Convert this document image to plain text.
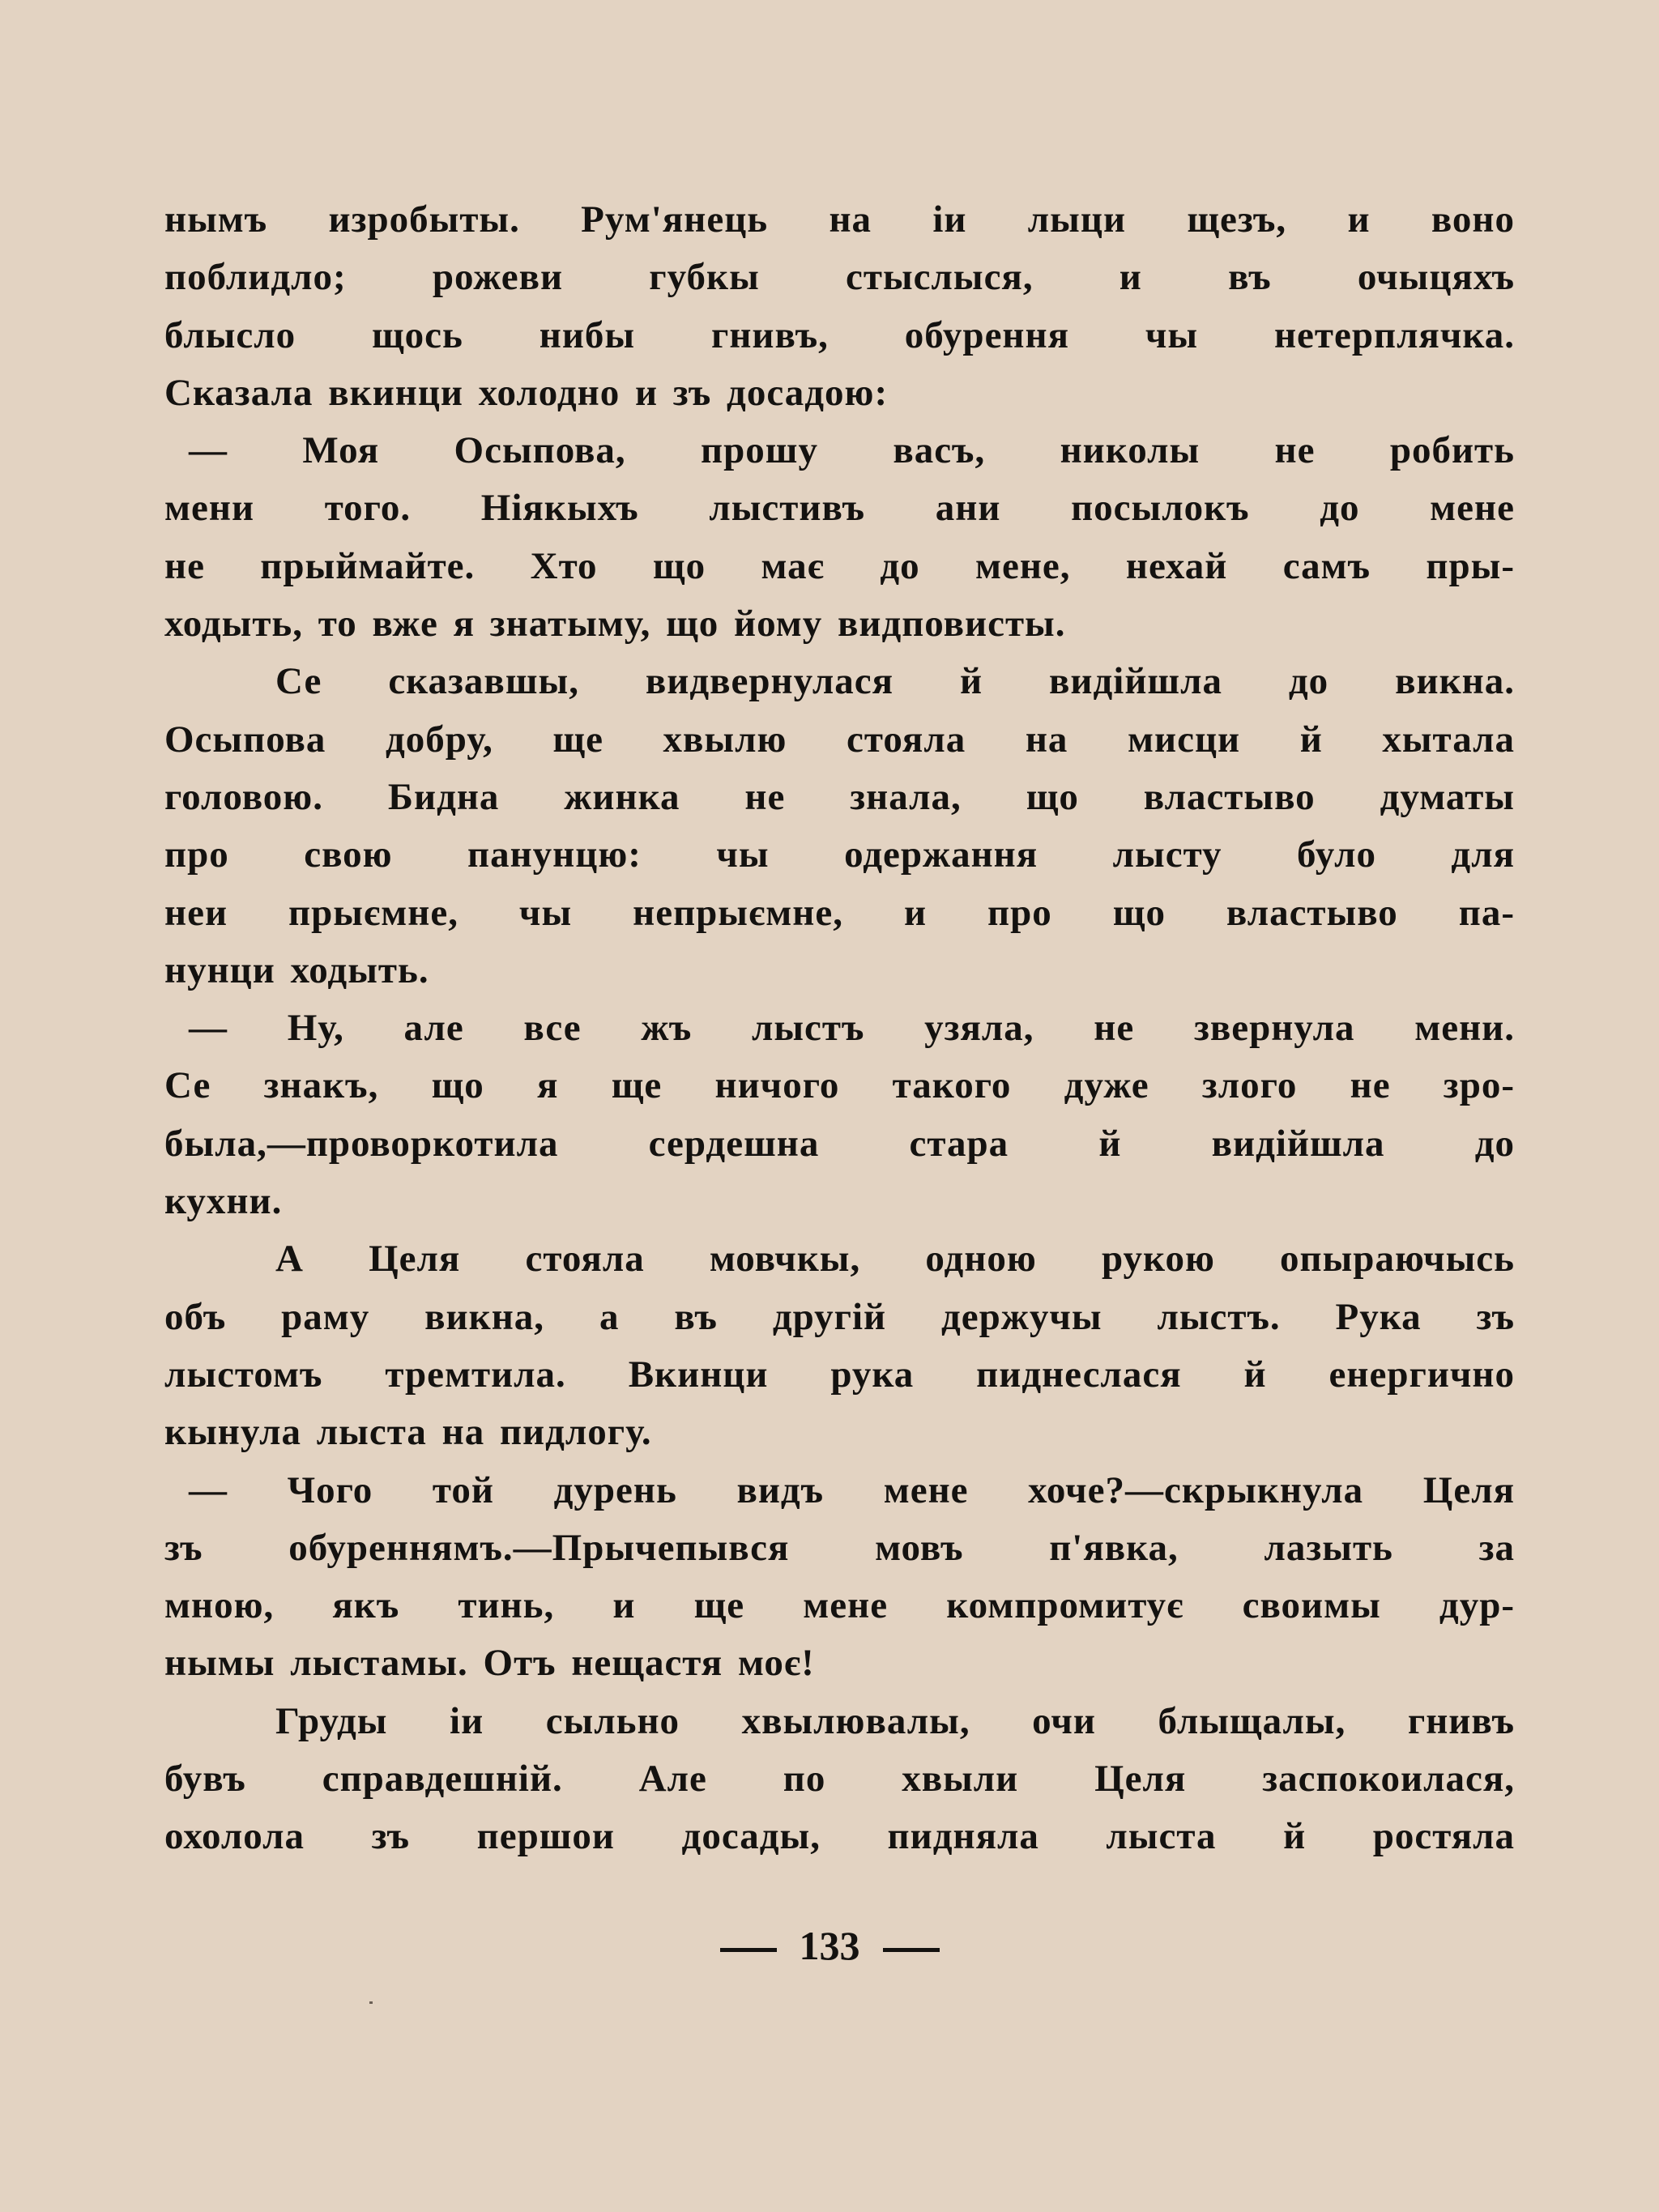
нымъ изробыты. Рум'янець на іи лыци щезъ, и воно
поблидло; рожеви губкы стыслыся, и въ очыцяхъ
блысло щось нибы гнивъ, обурення чы нетерплячка.
Сказала вкинци холодно и зъ досадою:
— Моя Осыпова, прошу васъ, николы не робить
мени того. Ніякыхъ лыстивъ ани посылокъ до мене
не прыймайте. Хто що має до мене, нехай самъ пры-
ходыть, то вже я знатыму, що йому видповисты.
Се сказавшы, видвернулася й видійшла до викна.
Осыпова добру, ще хвылю стояла на мисци й хытала
головою. Бидна жинка не знала, що властыво думаты
про свою панунцю: чы одержання лысту було для
неи прыємне, чы непрыємне, и про що властыво па-
нунци ходыть.
— Ну, але все жъ лыстъ узяла, не звернула мени.
Се знакъ, що я ще ничого такого дуже злого не зро-
была,—проворкотила сердешна стара й видійшла до
кухни.
А Целя стояла мовчкы, одною рукою опыраючысь
объ раму викна, а въ другій держучы лыстъ. Рука зъ
лыстомъ тремтила. Вкинци рука пиднеслася й енергично
кынула лыста на пидлогу.
— Чого той дурень видъ мене хоче?—скрыкнула Целя
зъ обуреннямъ.—Прычепывся мовъ п'явка, лазыть за
мною, якъ тинь, и ще мене компромитує своимы дур-
нымы лыстамы. Отъ нещастя моє!
Груды іи сыльно хвылювалы, очи блыщалы, гнивъ
бувъ справдешній. Але по хвыли Целя заспокоилася,
охолола зъ першои досады, пидняла лыста й ростяла
133
